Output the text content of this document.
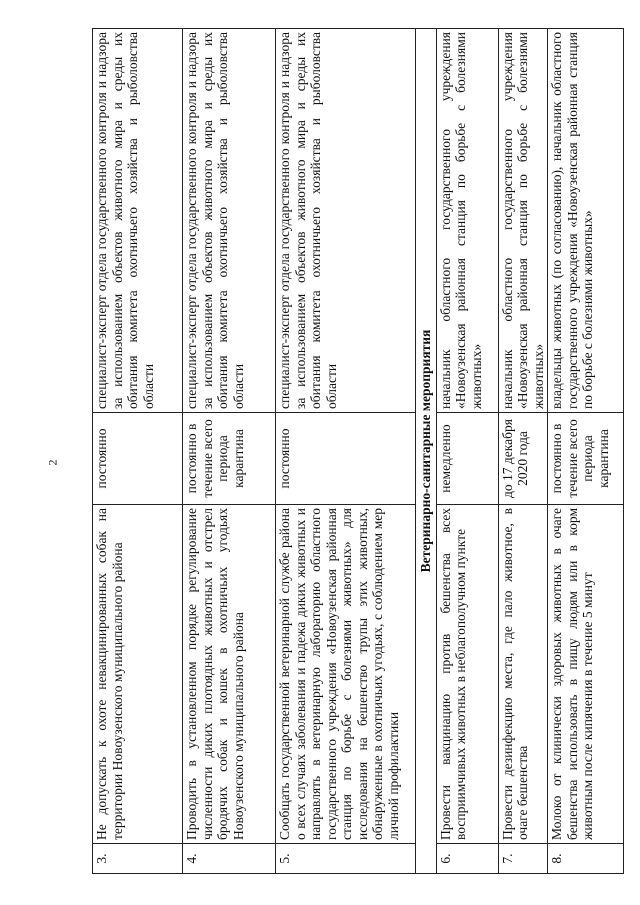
2
3.	Не допускать к охоте невакцинированных собак на территории Новоузенского муниципального района	постоянно	специалист-эксперт отдела государственного контроля и надзора за использованием объектов животного мира и среды их обитания комитета охотничьего хозяйства и рыболовства области
4.	Проводить в установленном порядке регулирование численности диких плотоядных животных и отстрел бродячих собак и кошек в охотничьих угодьях Новоузенского муниципального района	постоянно в течение всего периода карантина	специалист-эксперт отдела государственного контроля и надзора за использованием объектов животного мира и среды их обитания комитета охотничьего хозяйства и рыболовства области
5.	Сообщать государственной ветеринарной службе района о всех случаях заболевания и падежа диких животных и направлять в ветеринарную лабораторию областного государственного учреждения «Новоузенская районная станция по борьбе с болезнями животных» для исследования на бешенство трупы этих животных, обнаруженные в охотничьих угодьях, с соблюдением мер личной профилактики	постоянно	специалист-эксперт отдела государственного контроля и надзора за использованием объектов животного мира и среды их обитания комитета охотничьего хозяйства и рыболовства области
Ветеринарно-санитарные мероприятия			
6.	Провести вакцинацию против бешенства всех восприимчивых животных в неблагополучном пункте	немедленно	начальник областного государственного учреждения «Новоузенская районная станция по борьбе с болезнями животных»
7.	Провести дезинфекцию места, где пало животное, в очаге бешенства	до 17 декабря 2020 года	начальник областного государственного учреждения «Новоузенская районная станция по борьбе с болезнями животных»
8.	Молоко от клинически здоровых животных в очаге бешенства использовать в пищу людям или в корм животным после кипячения в течение 5 минут	постоянно в течение всего периода карантина	владельцы животных (по согласованию), начальник областного государственного учреждения «Новоузенская районная станция по борьбе с болезнями животных»
